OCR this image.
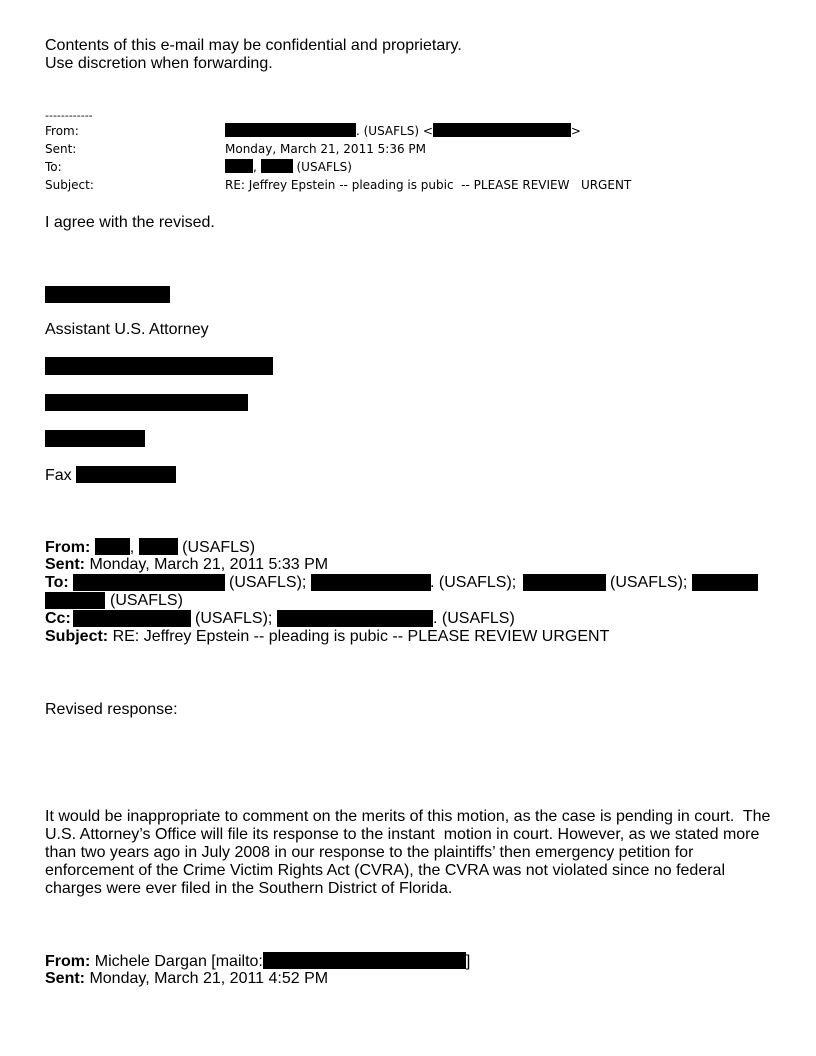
Contents of this e-mail may be confidential and proprietary.
Use discretion when forwarding.
------------
From:	. (USAFLS) <	>
Sent:	Monday, March 21, 2011 5:36 PM
To:	,	(USAFLS)
Subject:	RE: Jeffrey Epstein -- pleading is pubic  -- PLEASE REVIEW   URGENT
I agree with the revised.
Assistant U.S. Attorney
Fax
From: ,	(USAFLS)
Sent: Monday, March 21, 2011 5:33 PM
To:	(USAFLS);	. (USAFLS);	(USAFLS);
(USAFLS)
Cc:	(USAFLS);	. (USAFLS)
Subject: RE: Jeffrey Epstein -- pleading is pubic -- PLEASE REVIEW URGENT
Revised response:
It would be inappropriate to comment on the merits of this motion, as the case is pending in court.  The U.S. Attorney’s Office will file its response to the instant  motion in court. However, as we stated more than two years ago in July 2008 in our response to the plaintiffs’ then emergency petition for enforcement of the Crime Victim Rights Act (CVRA), the CVRA was not violated since no federal charges were ever filed in the Southern District of Florida.
From: Michele Dargan [mailto:	]
Sent: Monday, March 21, 2011 4:52 PM
